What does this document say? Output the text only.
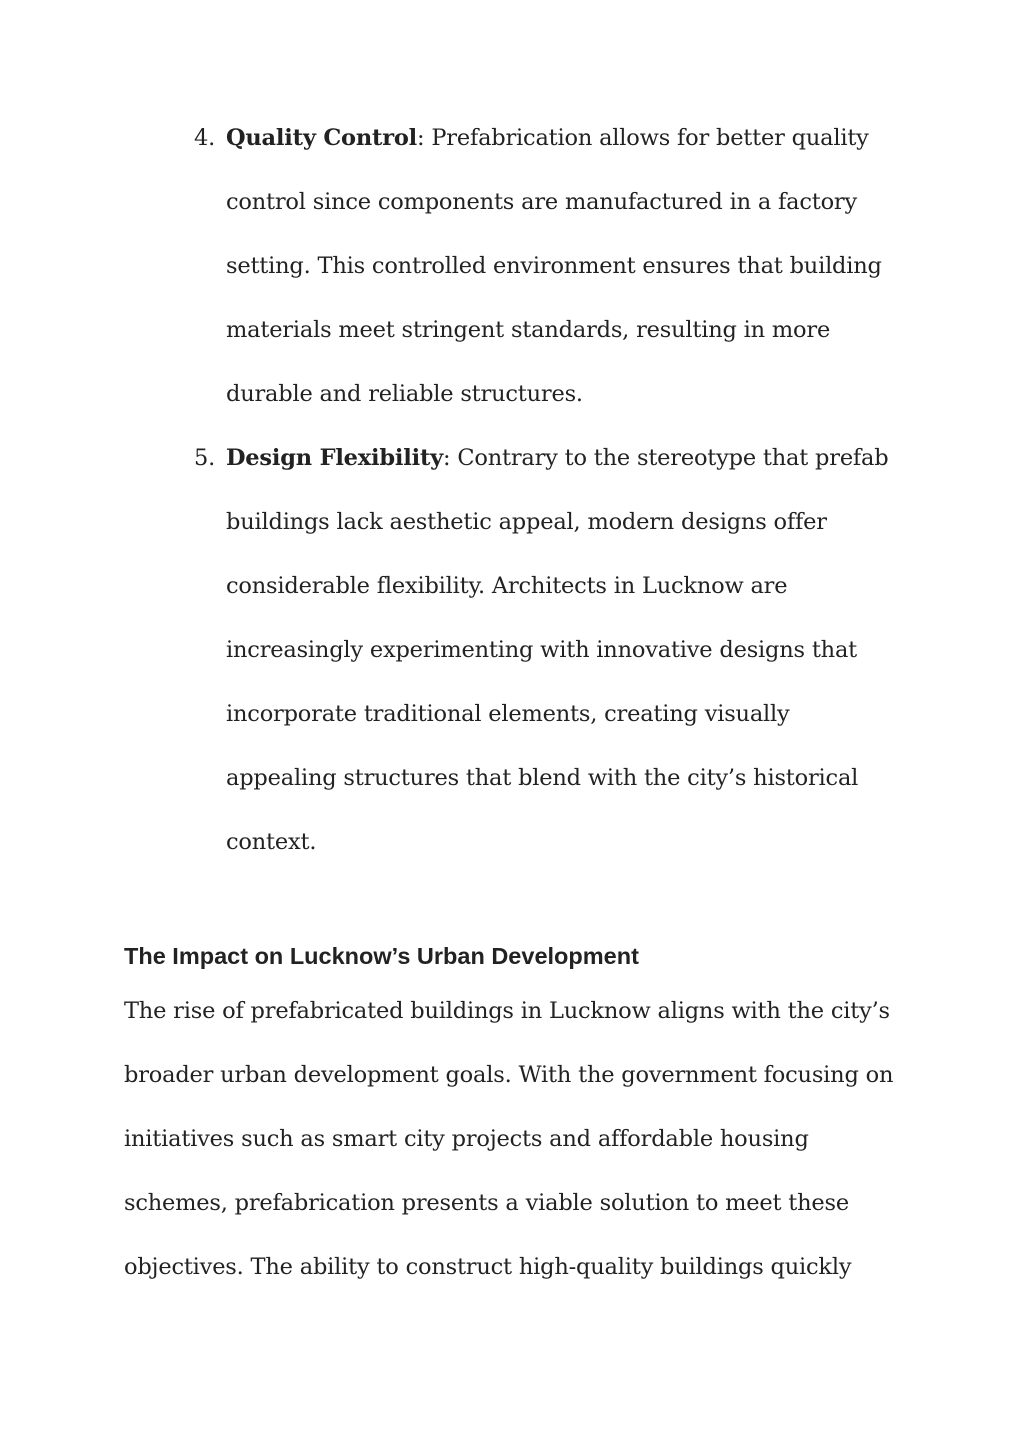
4. Quality Control: Prefabrication allows for better quality control since components are manufactured in a factory setting. This controlled environment ensures that building materials meet stringent standards, resulting in more durable and reliable structures.
5. Design Flexibility: Contrary to the stereotype that prefab buildings lack aesthetic appeal, modern designs offer considerable flexibility. Architects in Lucknow are increasingly experimenting with innovative designs that incorporate traditional elements, creating visually appealing structures that blend with the city’s historical context.
The Impact on Lucknow’s Urban Development

The rise of prefabricated buildings in Lucknow aligns with the city’s broader urban development goals. With the government focusing on initiatives such as smart city projects and affordable housing schemes, prefabrication presents a viable solution to meet these objectives. The ability to construct high-quality buildings quickly
